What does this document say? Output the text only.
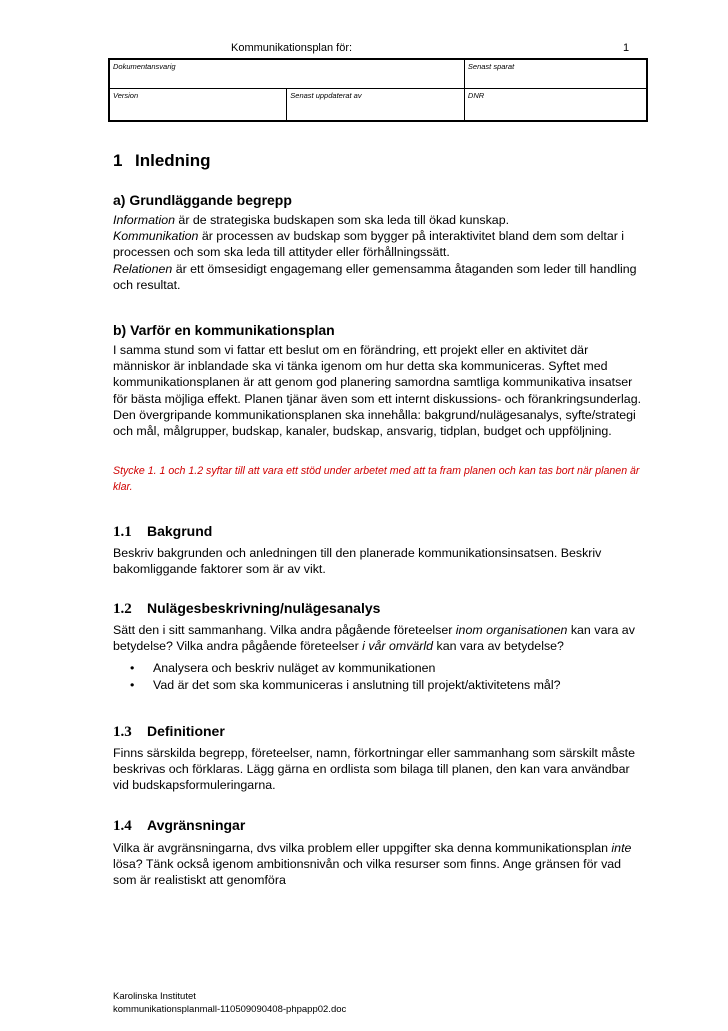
Kommunikationsplan för:	1
Dokumentansvarig		Senast sparat
Version	Senast uppdaterat av	DNR
1 Inledning
a) Grundläggande begrepp

Information är de strategiska budskapen som ska leda till ökad kunskap.

Kommunikation är processen av budskap som bygger på interaktivitet bland dem som deltar i processen och som ska leda till attityder eller förhållningssätt.

Relationen är ett ömsesidigt engagemang eller gemensamma åtaganden som leder till handling och resultat.

b) Varför en kommunikationsplan

I samma stund som vi fattar ett beslut om en förändring, ett projekt eller en aktivitet där människor är inblandade ska vi tänka igenom om hur detta ska kommuniceras. Syftet med kommunikationsplanen är att genom god planering samordna samtliga kommunikativa insatser för bästa möjliga effekt. Planen tjänar även som ett internt diskussions- och förankringsunderlag. Den övergripande kommunikationsplanen ska innehålla: bakgrund/nulägesanalys, syfte/strategi och mål, målgrupper, budskap, kanaler, budskap, ansvarig, tidplan, budget och uppföljning.

Stycke 1. 1 och 1.2 syftar till att vara ett stöd under arbetet med att ta fram planen och kan tas bort när planen är klar.

1.1 Bakgrund

Beskriv bakgrunden och anledningen till den planerade kommunikationsinsatsen. Beskriv bakomliggande faktorer som är av vikt.

1.2 Nulägesbeskrivning/nulägesanalys

Sätt den i sitt sammanhang. Vilka andra pågående företeelser inom organisationen kan vara av betydelse? Vilka andra pågående företeelser i vår omvärld kan vara av betydelse?

• Analysera och beskriv nuläget av kommunikationen
• Vad är det som ska kommuniceras i anslutning till projekt/aktivitetens mål?
1.3 Definitioner

Finns särskilda begrepp, företeelser, namn, förkortningar eller sammanhang som särskilt måste beskrivas och förklaras. Lägg gärna en ordlista som bilaga till planen, den kan vara användbar vid budskapsformuleringarna.

1.4 Avgränsningar

Vilka är avgränsningarna, dvs vilka problem eller uppgifter ska denna kommunikationsplan inte lösa? Tänk också igenom ambitionsnivån och vilka resurser som finns. Ange gränsen för vad som är realistiskt att genomföra

Karolinska Institutet
kommunikationsplanmall-110509090408-phpapp02.doc
